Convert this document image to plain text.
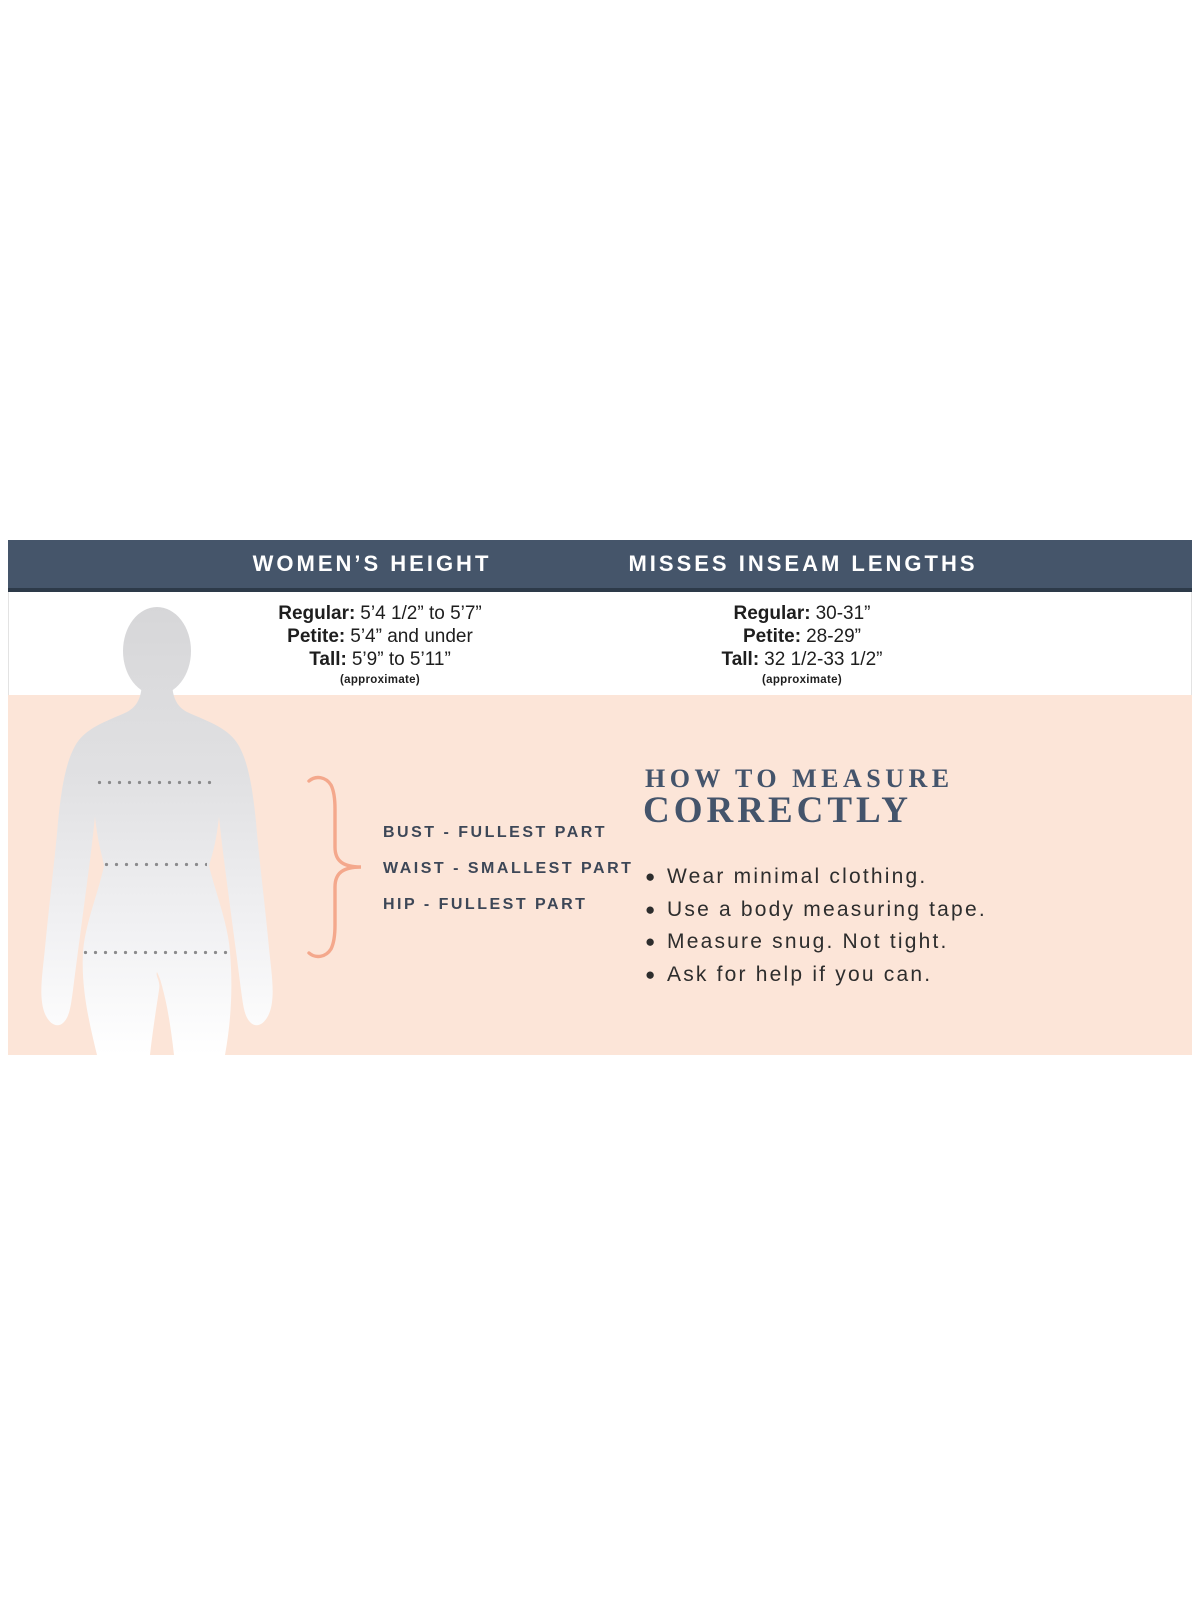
WOMEN’S HEIGHT	MISSES INSEAM LENGTHS
Regular: 5’4 1/2” to 5’7”
Petite: 5’4” and under
Tall: 5’9” to 5’11”
(approximate)
Regular: 30-31”
Petite: 28-29”
Tall: 32 1/2-33 1/2”
(approximate)
BUST - FULLEST PART
WAIST - SMALLEST PART
HIP - FULLEST PART
HOW TO MEASURE
CORRECTLY
● Wear minimal clothing.
● Use a body measuring tape.
● Measure snug. Not tight.
● Ask for help if you can.
